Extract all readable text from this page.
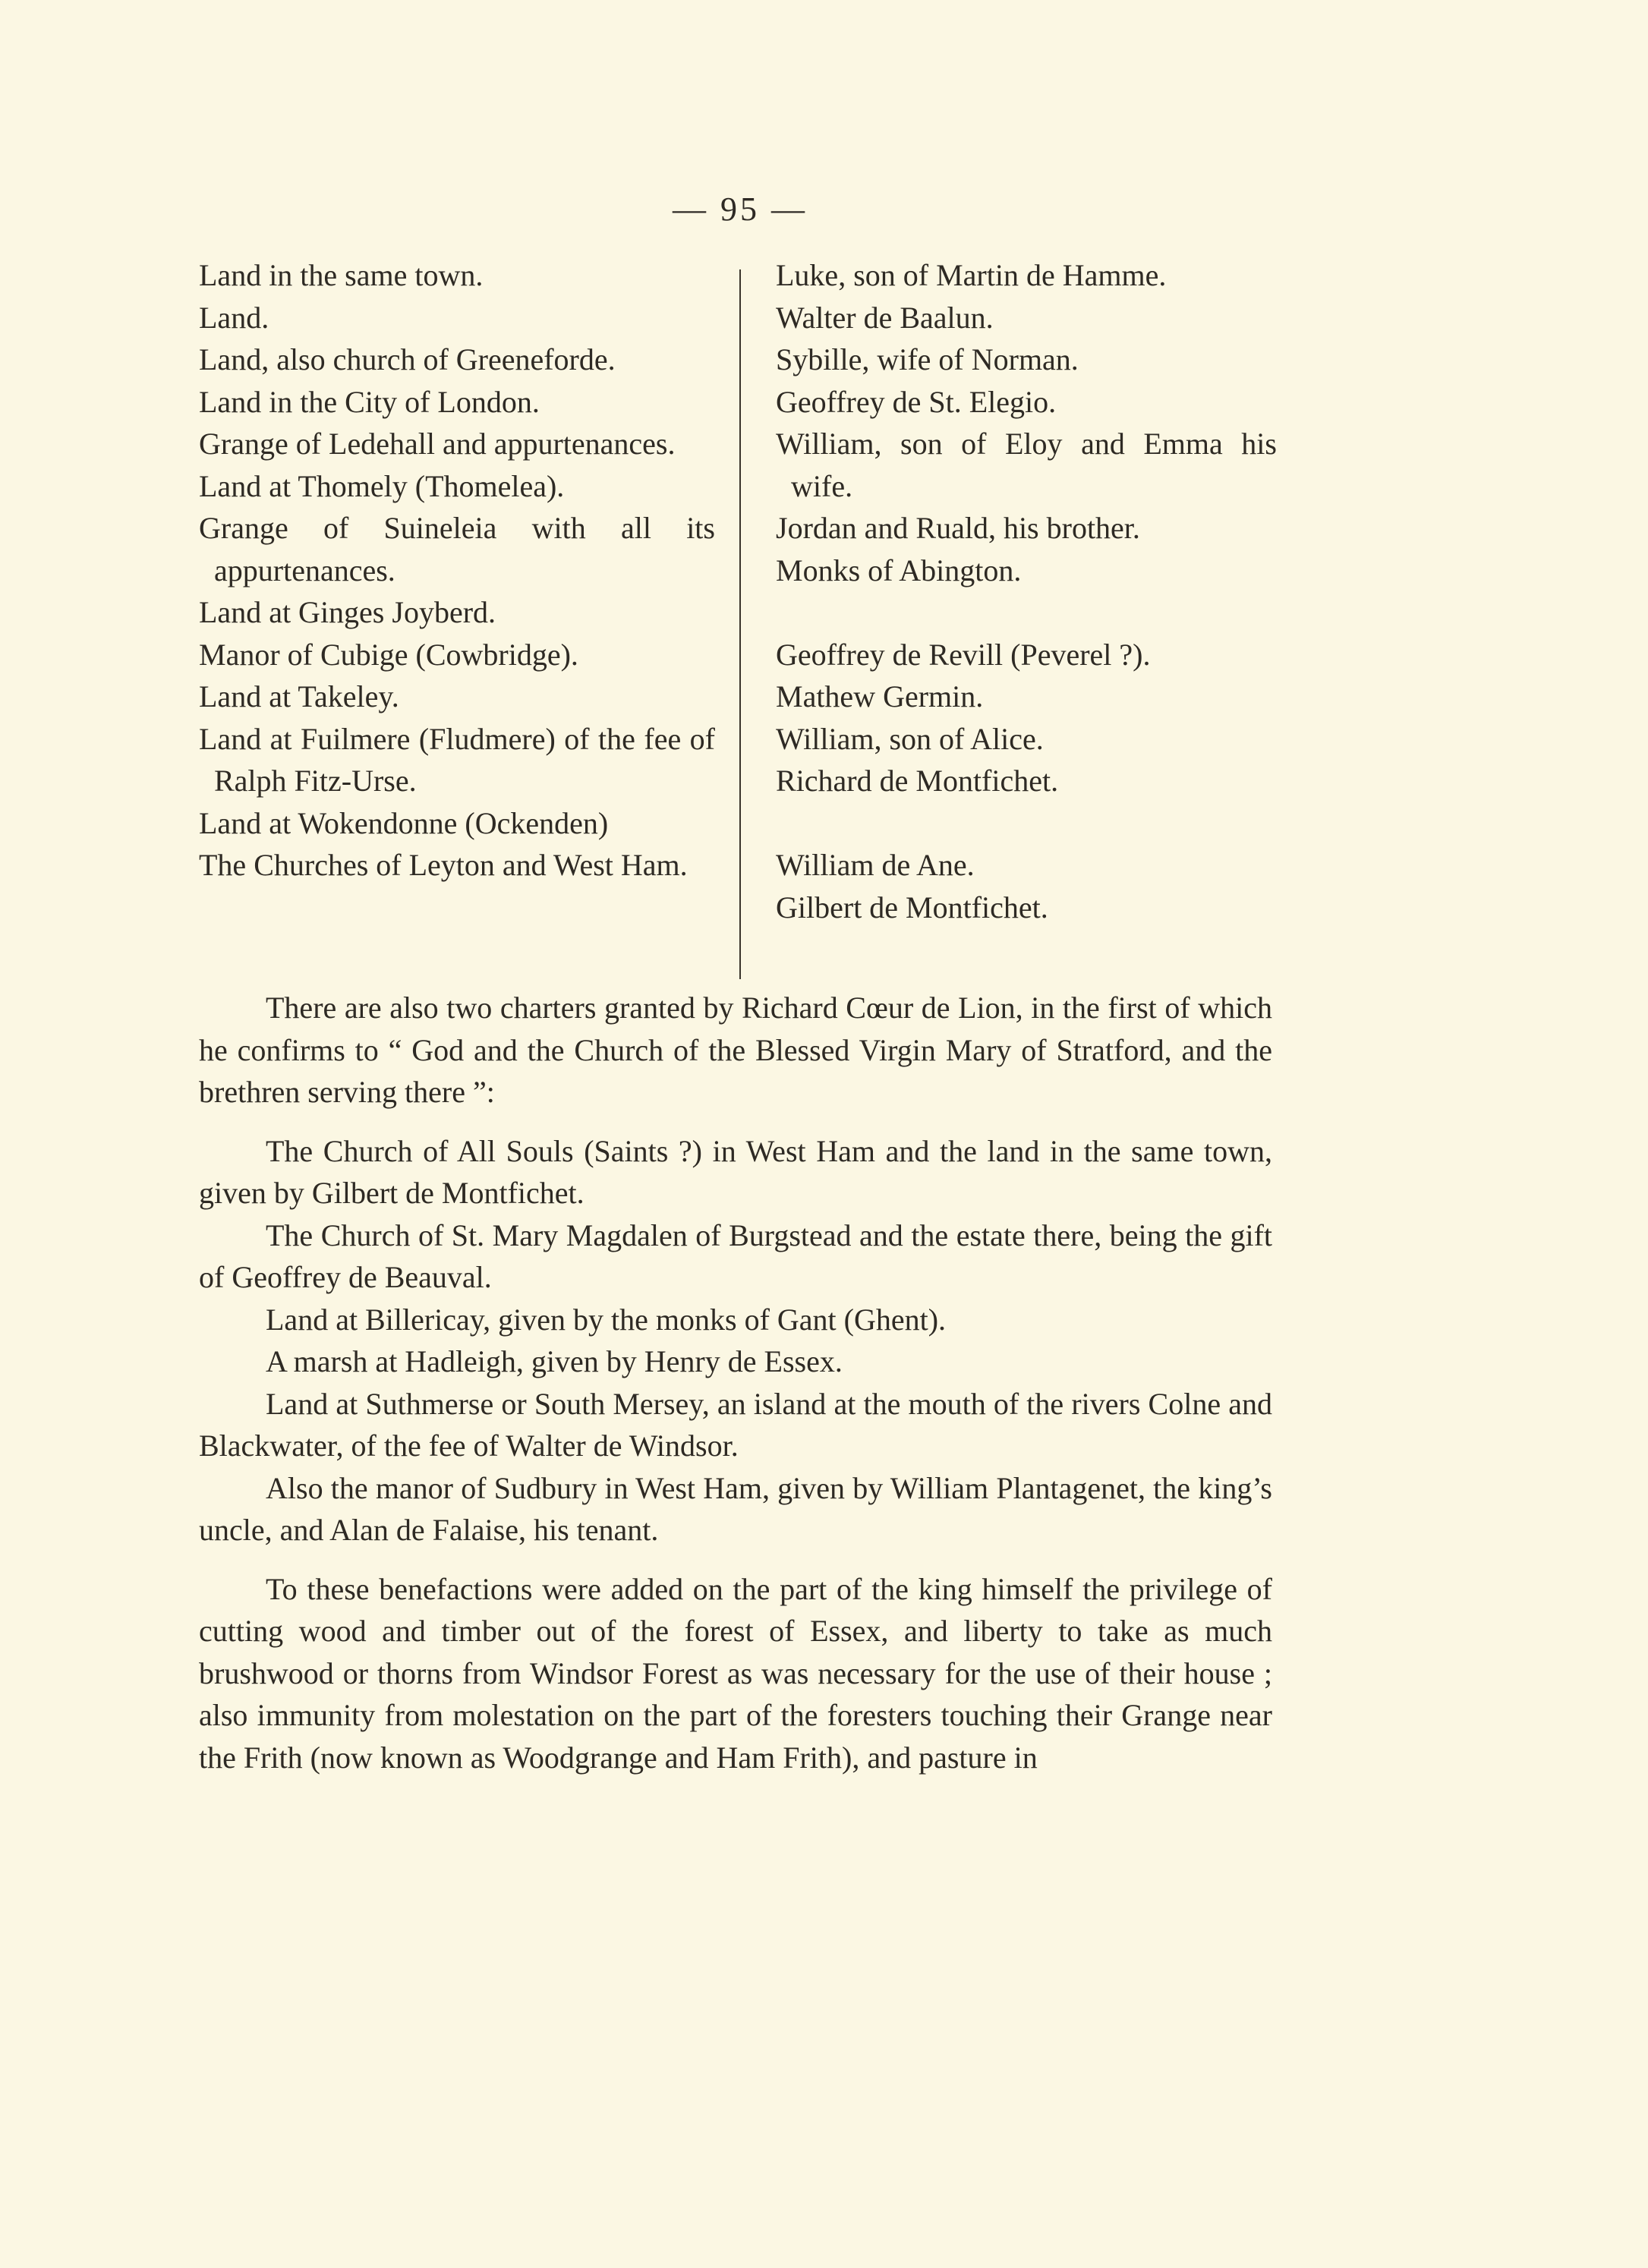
— 95 —
Land in the same town.
Land.
Land, also church of Greeneforde.
Land in the City of London.
Grange of Ledehall and appurtenances.
Land at Thomely (Thomelea).
Grange of Suineleia with all its appurtenances.
Land at Ginges Joyberd.
Manor of Cubige (Cowbridge).
Land at Takeley.
Land at Fuilmere (Fludmere) of the fee of Ralph Fitz-Urse.
Land at Wokendonne (Ockenden)
The Churches of Leyton and West Ham.
Luke, son of Martin de Hamme.
Walter de Baalun.
Sybille, wife of Norman.
Geoffrey de St. Elegio.
William, son of Eloy and Emma his wife.
Jordan and Ruald, his brother.
Monks of Abington.
Geoffrey de Revill (Peverel ?).
Mathew Germin.
William, son of Alice.
Richard de Montfichet.
William de Ane.
Gilbert de Montfichet.

There are also two charters granted by Richard Cœur de Lion, in the first of which he confirms to “ God and the Church of the Blessed Virgin Mary of Stratford, and the brethren serving there ”:

The Church of All Souls (Saints ?) in West Ham and the land in the same town, given by Gilbert de Montfichet.

The Church of St. Mary Magdalen of Burgstead and the estate there, being the gift of Geoffrey de Beauval.

Land at Billericay, given by the monks of Gant (Ghent).

A marsh at Hadleigh, given by Henry de Essex.

Land at Suthmerse or South Mersey, an island at the mouth of the rivers Colne and Blackwater, of the fee of Walter de Windsor.

Also the manor of Sudbury in West Ham, given by William Plantagenet, the king’s uncle, and Alan de Falaise, his tenant.

To these benefactions were added on the part of the king himself the privilege of cutting wood and timber out of the forest of Essex, and liberty to take as much brushwood or thorns from Windsor Forest as was necessary for the use of their house ; also immunity from molestation on the part of the foresters touching their Grange near the Frith (now known as Woodgrange and Ham Frith), and pasture in
